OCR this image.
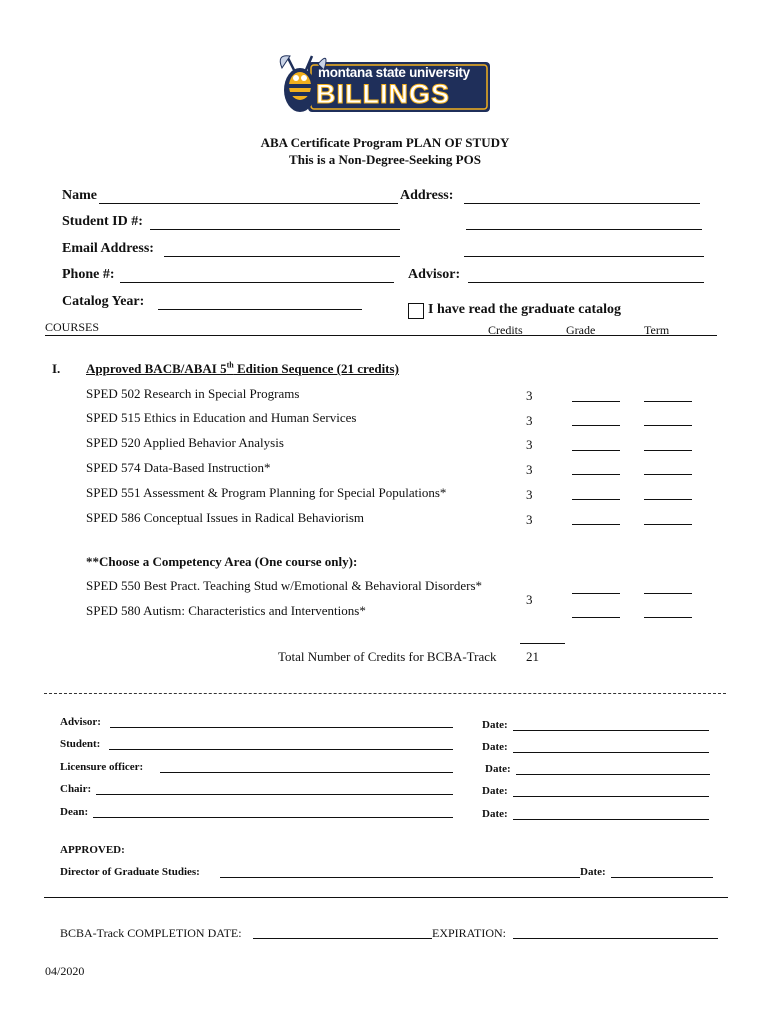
montana state university
BILLINGS
ABA Certificate Program PLAN OF STUDY
This is a Non-Degree-Seeking POS
Name	Address:
Student ID #:
Email Address:
Phone #:	Advisor:
Catalog Year:
I have read the graduate catalog
COURSES	Credits	Grade	Term
I. Approved BACB/ABAI 5th Edition Sequence (21 credits)
SPED 502 Research in Special Programs	3
SPED 515 Ethics in Education and Human Services	3
SPED 520 Applied Behavior Analysis	3
SPED 574 Data-Based Instruction*	3
SPED 551 Assessment & Program Planning for Special Populations*	3
SPED 586 Conceptual Issues in Radical Behaviorism	3
**Choose a Competency Area (One course only):
SPED 550 Best Pract. Teaching Stud w/Emotional & Behavioral Disorders*
SPED 580 Autism: Characteristics and Interventions*
3
Total Number of Credits for BCBA-Track 21
Advisor:	Date:
Student:	Date:
Licensure officer:	Date:
Chair:	Date:
Dean:	Date:
APPROVED:
Director of Graduate Studies:	Date:
BCBA-Track COMPLETION DATE:	EXPIRATION:
04/2020
